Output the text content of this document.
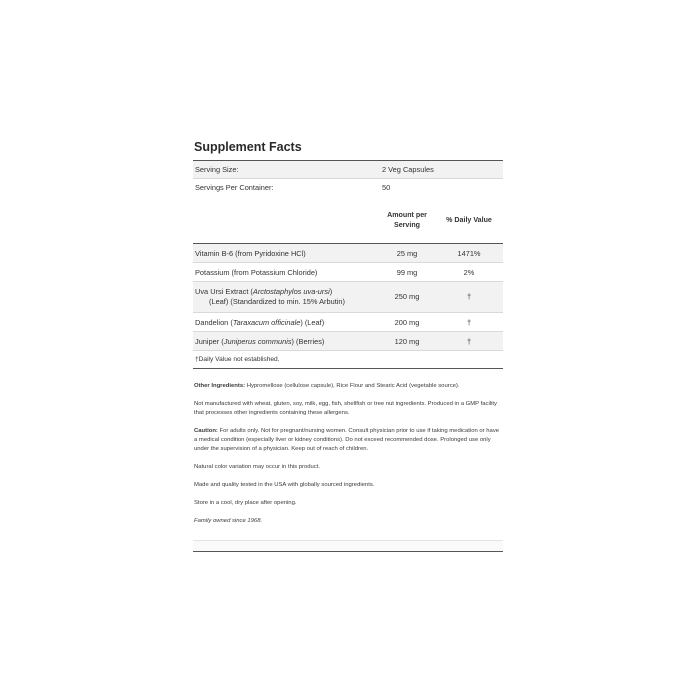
Supplement Facts
Serving Size:	2 Veg Capsules
Servings Per Container:	50
Amount per Serving
% Daily Value
Vitamin B-6 (from Pyridoxine HCl)	25 mg	1471%
Potassium (from Potassium Chloride)	99 mg	2%
Uva Ursi Extract (Arctostaphylos uva-ursi)
(Leaf) (Standardized to min. 15% Arbutin)
250 mg	†
Dandelion (Taraxacum officinale) (Leaf)	200 mg	†
Juniper (Juniperus communis) (Berries)	120 mg	†
†Daily Value not established.

Other Ingredients: Hypromellose (cellulose capsule), Rice Flour and Stearic Acid (vegetable source).

Not manufactured with wheat, gluten, soy, milk, egg, fish, shellfish or tree nut ingredients. Produced in a GMP facility that processes other ingredients containing these allergens.

Caution: For adults only. Not for pregnant/nursing women. Consult physician prior to use if taking medication or have a medical condition (especially liver or kidney conditions). Do not exceed recommended dose. Prolonged use only under the supervision of a physician. Keep out of reach of children.

Natural color variation may occur in this product.

Made and quality tested in the USA with globally sourced ingredients.

Store in a cool, dry place after opening.

Family owned since 1968.
